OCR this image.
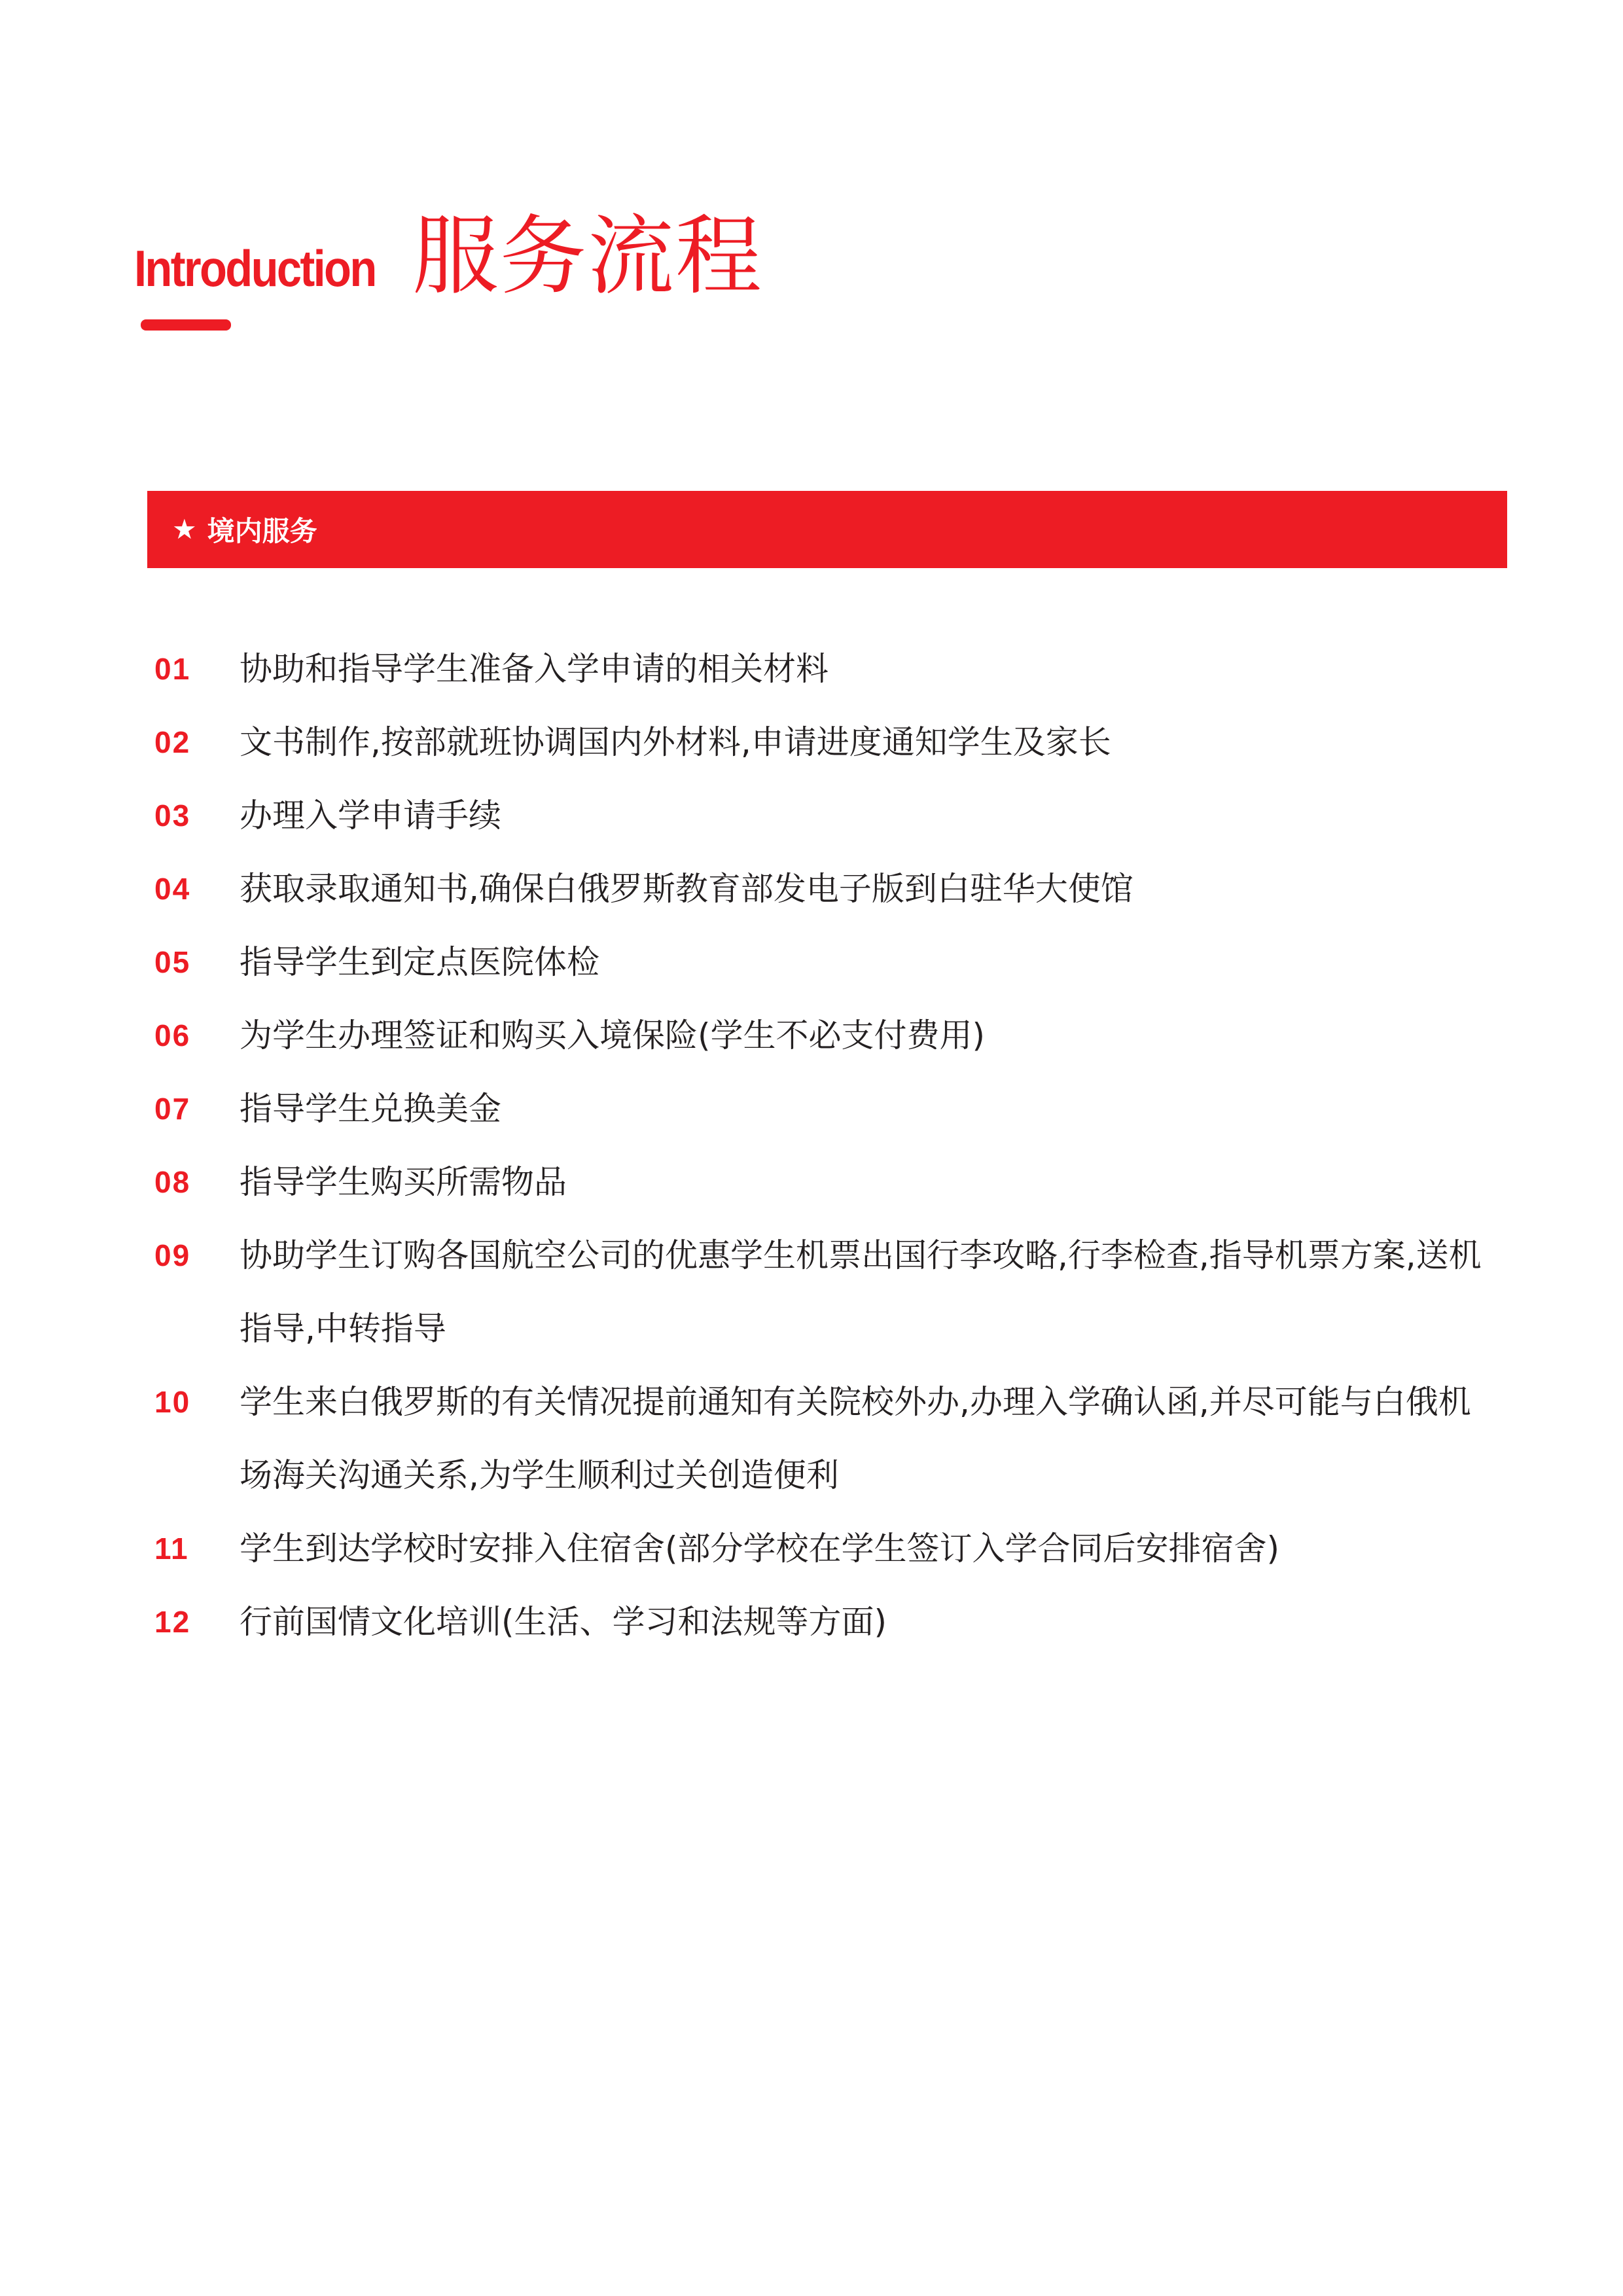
Introduction 服务流程
★ 境内服务
01	协助和指导学生准备入学申请的相关材料
02	文书制作,按部就班协调国内外材料,申请进度通知学生及家长
03	办理入学申请手续
04	获取录取通知书,确保白俄罗斯教育部发电子版到白驻华大使馆
05	指导学生到定点医院体检
06	为学生办理签证和购买入境保险(学生不必支付费用)
07	指导学生兑换美金
08	指导学生购买所需物品
09	协助学生订购各国航空公司的优惠学生机票出国行李攻略,行李检查,指导机票方案,送机指导,中转指导
10	学生来白俄罗斯的有关情况提前通知有关院校外办,办理入学确认函,并尽可能与白俄机场海关沟通关系,为学生顺利过关创造便利
11	学生到达学校时安排入住宿舍(部分学校在学生签订入学合同后安排宿舍)
12	行前国情文化培训(生活、学习和法规等方面)
